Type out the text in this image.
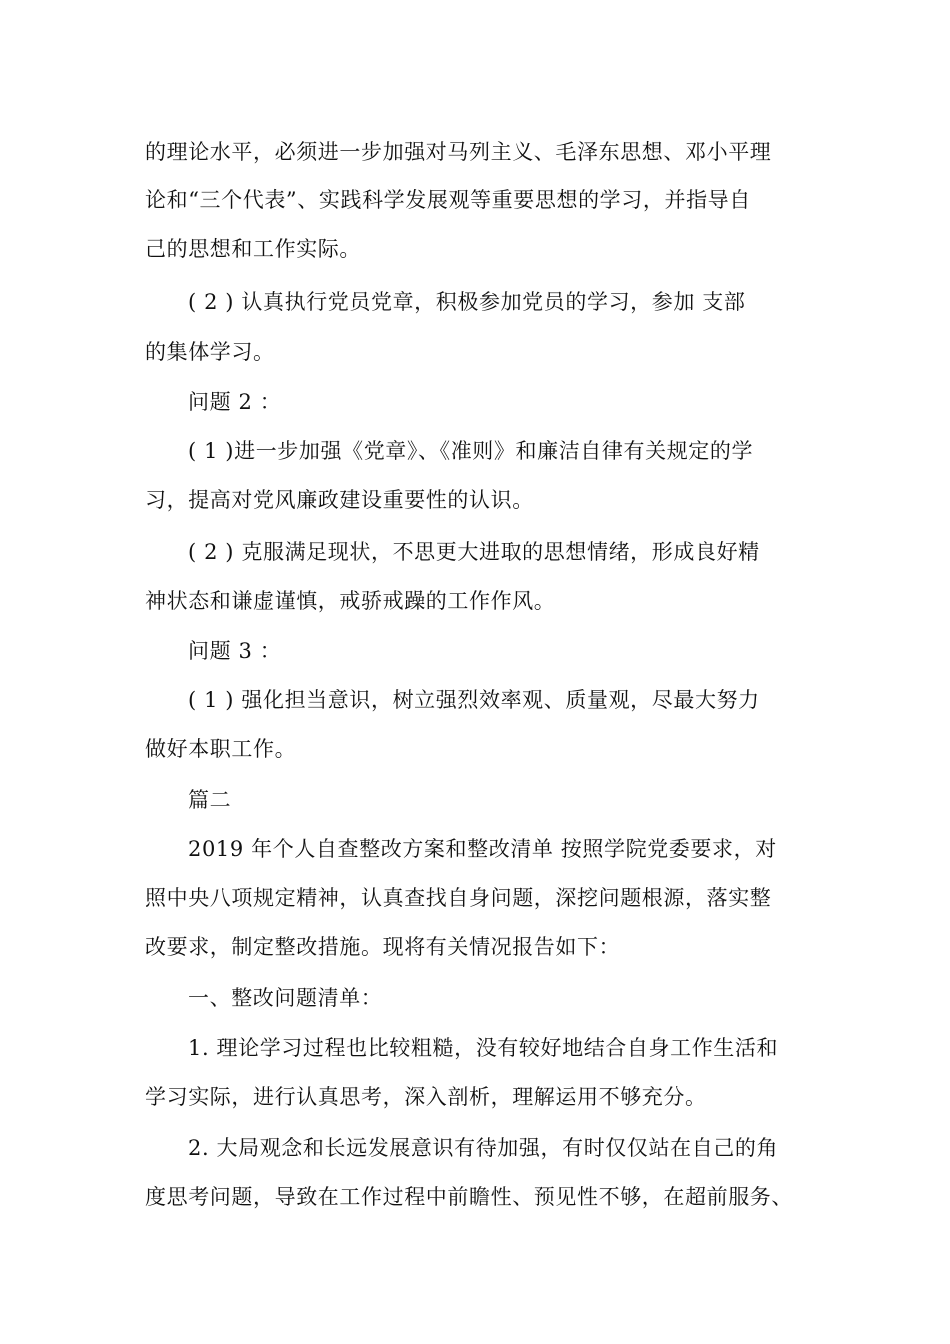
的理论水平，必须进一步加强对马列主义、毛泽东思想、邓小平理
论和“三个代表”、实践科学发展观等重要思想的学习，并指导自
己的思想和工作实际。
( 2 ) 认真执行党员党章，积极参加党员的学习，参加 支部
的集体学习。
问题 2 ：
( 1 )进一步加强《党章》、《准则》和廉洁自律有关规定的学
习，提高对党风廉政建设重要性的认识。
( 2 ) 克服满足现状，不思更大进取的思想情绪，形成良好精
神状态和谦虚谨慎，戒骄戒躁的工作作风。
问题 3 ：
( 1 ) 强化担当意识，树立强烈效率观、质量观，尽最大努力
做好本职工作。
篇二
2019 年个人自查整改方案和整改清单 按照学院党委要求，对
照中央八项规定精神，认真查找自身问题，深挖问题根源，落实整
改要求，制定整改措施。现将有关情况报告如下：
一、整改问题清单：
1. 理论学习过程也比较粗糙，没有较好地结合自身工作生活和
学习实际，进行认真思考，深入剖析，理解运用不够充分。
2. 大局观念和长远发展意识有待加强，有时仅仅站在自己的角
度思考问题，导致在工作过程中前瞻性、预见性不够，在超前服务、
